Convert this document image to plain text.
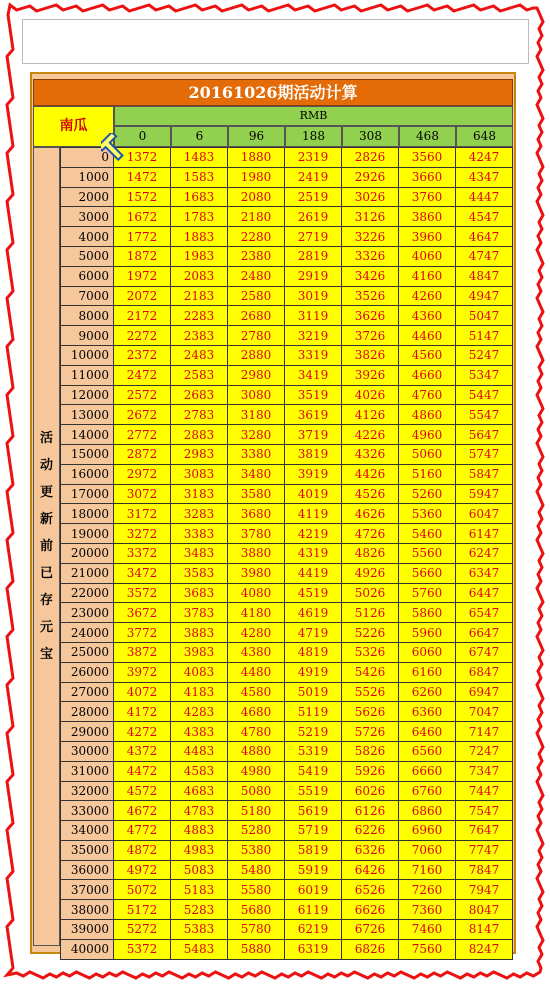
20161026期活动计算
南瓜
RMB
0	6	96	188	308	468	648
活
动
更
新
前
已
存
元
宝
0	1372	1483	1880	2319	2826	3560	4247
1000	1472	1583	1980	2419	2926	3660	4347
2000	1572	1683	2080	2519	3026	3760	4447
3000	1672	1783	2180	2619	3126	3860	4547
4000	1772	1883	2280	2719	3226	3960	4647
5000	1872	1983	2380	2819	3326	4060	4747
6000	1972	2083	2480	2919	3426	4160	4847
7000	2072	2183	2580	3019	3526	4260	4947
8000	2172	2283	2680	3119	3626	4360	5047
9000	2272	2383	2780	3219	3726	4460	5147
10000	2372	2483	2880	3319	3826	4560	5247
11000	2472	2583	2980	3419	3926	4660	5347
12000	2572	2683	3080	3519	4026	4760	5447
13000	2672	2783	3180	3619	4126	4860	5547
14000	2772	2883	3280	3719	4226	4960	5647
15000	2872	2983	3380	3819	4326	5060	5747
16000	2972	3083	3480	3919	4426	5160	5847
17000	3072	3183	3580	4019	4526	5260	5947
18000	3172	3283	3680	4119	4626	5360	6047
19000	3272	3383	3780	4219	4726	5460	6147
20000	3372	3483	3880	4319	4826	5560	6247
21000	3472	3583	3980	4419	4926	5660	6347
22000	3572	3683	4080	4519	5026	5760	6447
23000	3672	3783	4180	4619	5126	5860	6547
24000	3772	3883	4280	4719	5226	5960	6647
25000	3872	3983	4380	4819	5326	6060	6747
26000	3972	4083	4480	4919	5426	6160	6847
27000	4072	4183	4580	5019	5526	6260	6947
28000	4172	4283	4680	5119	5626	6360	7047
29000	4272	4383	4780	5219	5726	6460	7147
30000	4372	4483	4880	5319	5826	6560	7247
31000	4472	4583	4980	5419	5926	6660	7347
32000	4572	4683	5080	5519	6026	6760	7447
33000	4672	4783	5180	5619	6126	6860	7547
34000	4772	4883	5280	5719	6226	6960	7647
35000	4872	4983	5380	5819	6326	7060	7747
36000	4972	5083	5480	5919	6426	7160	7847
37000	5072	5183	5580	6019	6526	7260	7947
38000	5172	5283	5680	6119	6626	7360	8047
39000	5272	5383	5780	6219	6726	7460	8147
40000	5372	5483	5880	6319	6826	7560	8247
